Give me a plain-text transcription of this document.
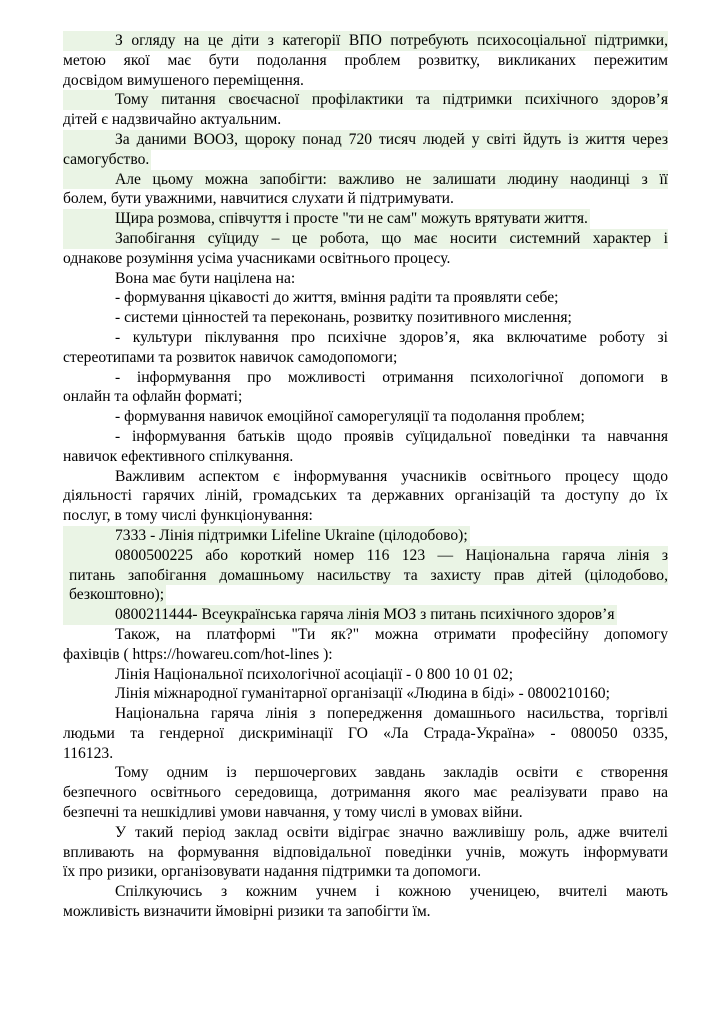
З огляду на це діти з категорії ВПО потребують психосоціальної підтримки,
метою якої має бути подолання проблем розвитку, викликаних пережитим
досвідом вимушеного переміщення.
Тому питання своєчасної профілактики та підтримки психічного здоров’я
дітей є надзвичайно актуальним.
За даними ВООЗ, щороку понад 720 тисяч людей у світі йдуть із життя через
самогубство.
Але цьому можна запобігти: важливо не залишати людину наодинці з її
болем, бути уважними, навчитися слухати й підтримувати.
Щира розмова, співчуття і просте "ти не сам" можуть врятувати життя.
Запобігання суїциду – це робота, що має носити системний характер і
однакове розуміння усіма учасниками освітнього процесу.
Вона має бути націлена на:
- формування цікавості до життя, вміння радіти та проявляти себе;
- системи цінностей та переконань, розвитку позитивного мислення;
- культури піклування про психічне здоров’я, яка включатиме роботу зі
стереотипами та розвиток навичок самодопомоги;
- інформування про можливості отримання психологічної допомоги в
онлайн та офлайн форматі;
- формування навичок емоційної саморегуляції та подолання проблем;
- інформування батьків щодо проявів суїцидальної поведінки та навчання
навичок ефективного спілкування.
Важливим аспектом є інформування учасників освітнього процесу щодо
діяльності гарячих ліній, громадських та державних організацій та доступу до їх
послуг, в тому числі функціонування:
7333 - Лінія підтримки Lifeline Ukraine (цілодобово);
0800500225 або короткий номер 116 123 — Національна гаряча лінія з
питань запобігання домашньому насильству та захисту прав дітей (цілодобово,
безкоштовно);
0800211444- Всеукраїнська гаряча лінія МОЗ з питань психічного здоров’я
Також, на платформі "Ти як?" можна отримати професійну допомогу
фахівців ( https://howareu.com/hot-lines ):
Лінія Національної психологічної асоціації - 0 800 10 01 02;
Лінія міжнародної гуманітарної організації «Людина в біді» - 0800210160;
Національна гаряча лінія з попередження домашнього насильства, торгівлі
людьми та гендерної дискримінації ГО «Ла Страда-Україна» - 080050 0335,
116123.
Тому одним із першочергових завдань закладів освіти є створення
безпечного освітнього середовища, дотримання якого має реалізувати право на
безпечні та нешкідливі умови навчання, у тому числі в умовах війни.
У такий період заклад освіти відіграє значно важливішу роль, адже вчителі
впливають на формування відповідальної поведінки учнів, можуть інформувати
їх про ризики, організовувати надання підтримки та допомоги.
Спілкуючись з кожним учнем і кожною ученицею, вчителі мають
можливість визначити ймовірні ризики та запобігти їм.
